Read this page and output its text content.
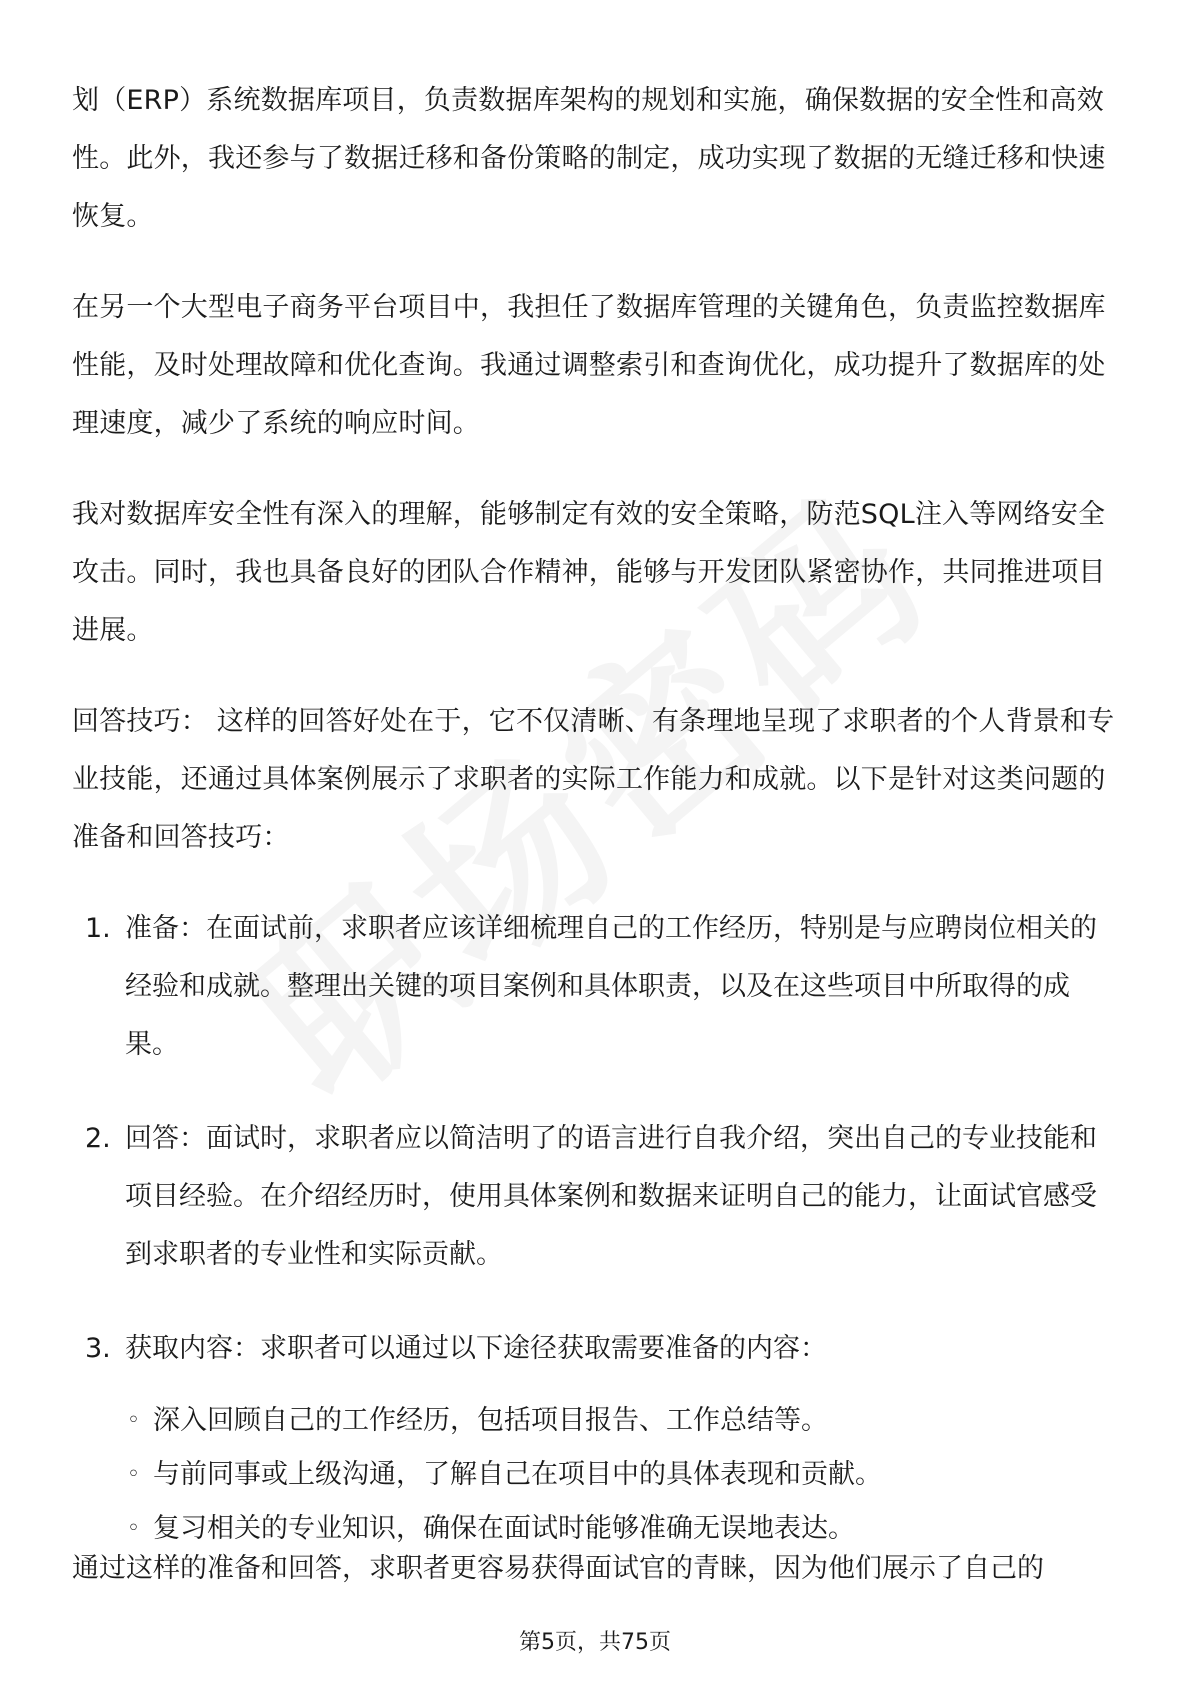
划（ERP）系统数据库项目，负责数据库架构的规划和实施，确保数据的安全性和高效性。此外，我还参与了数据迁移和备份策略的制定，成功实现了数据的无缝迁移和快速恢复。

在另一个大型电子商务平台项目中，我担任了数据库管理的关键角色，负责监控数据库性能，及时处理故障和优化查询。我通过调整索引和查询优化，成功提升了数据库的处理速度，减少了系统的响应时间。

我对数据库安全性有深入的理解，能够制定有效的安全策略，防范SQL注入等网络安全攻击。同时，我也具备良好的团队合作精神，能够与开发团队紧密协作，共同推进项目进展。

回答技巧： 这样的回答好处在于，它不仅清晰、有条理地呈现了求职者的个人背景和专业技能，还通过具体案例展示了求职者的实际工作能力和成就。以下是针对这类问题的准备和回答技巧：

1. 准备：在面试前，求职者应该详细梳理自己的工作经历，特别是与应聘岗位相关的经验和成就。整理出关键的项目案例和具体职责，以及在这些项目中所取得的成果。
2. 回答：面试时，求职者应以简洁明了的语言进行自我介绍，突出自己的专业技能和项目经验。在介绍经历时，使用具体案例和数据来证明自己的能力，让面试官感受到求职者的专业性和实际贡献。
3. 获取内容：求职者可以通过以下途径获取需要准备的内容：
◦ 深入回顾自己的工作经历，包括项目报告、工作总结等。
◦ 与前同事或上级沟通，了解自己在项目中的具体表现和贡献。
◦ 复习相关的专业知识，确保在面试时能够准确无误地表达。
通过这样的准备和回答，求职者更容易获得面试官的青睐，因为他们展示了自己的
第5页，共75页
